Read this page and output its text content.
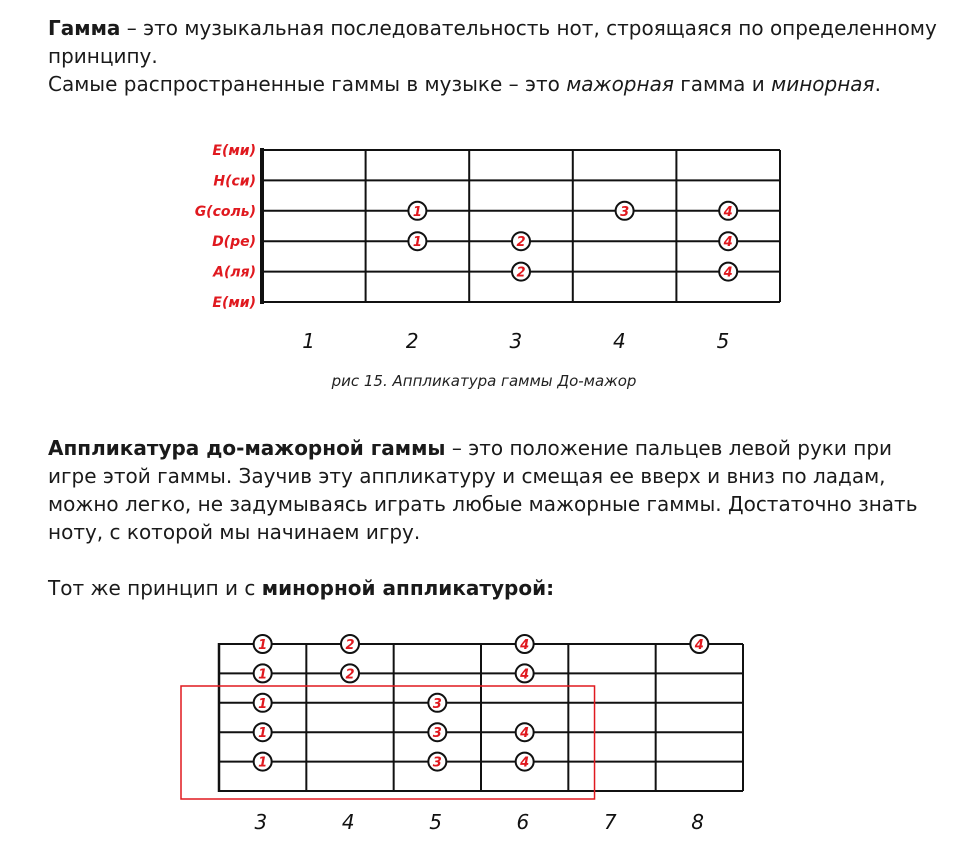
Гамма – это музыкальная последовательность нот, строящаяся по определенному принципу.

Самые распространенные гаммы в музыке – это мажорная гамма и минорная.

E(ми)
H(си)
G(соль)
D(ре)
A(ля)
E(ми)
1	2	3	4	5
1	3	4
1	2	4
2	4
3	4	5	6	7	8
1	2	4	4
1	2	4
1	3
1	3	4
1	3	4
рис 15. Аппликатура гаммы До-мажор

Аппликатура до-мажорной гаммы – это положение пальцев левой руки при игре этой гаммы. Заучив эту аппликатуру и смещая ее вверх и вниз по ладам, можно легко, не задумываясь играть любые мажорные гаммы. Достаточно знать ноту, с которой мы начинаем игру.

Тот же принцип и с минорной аппликатурой:
